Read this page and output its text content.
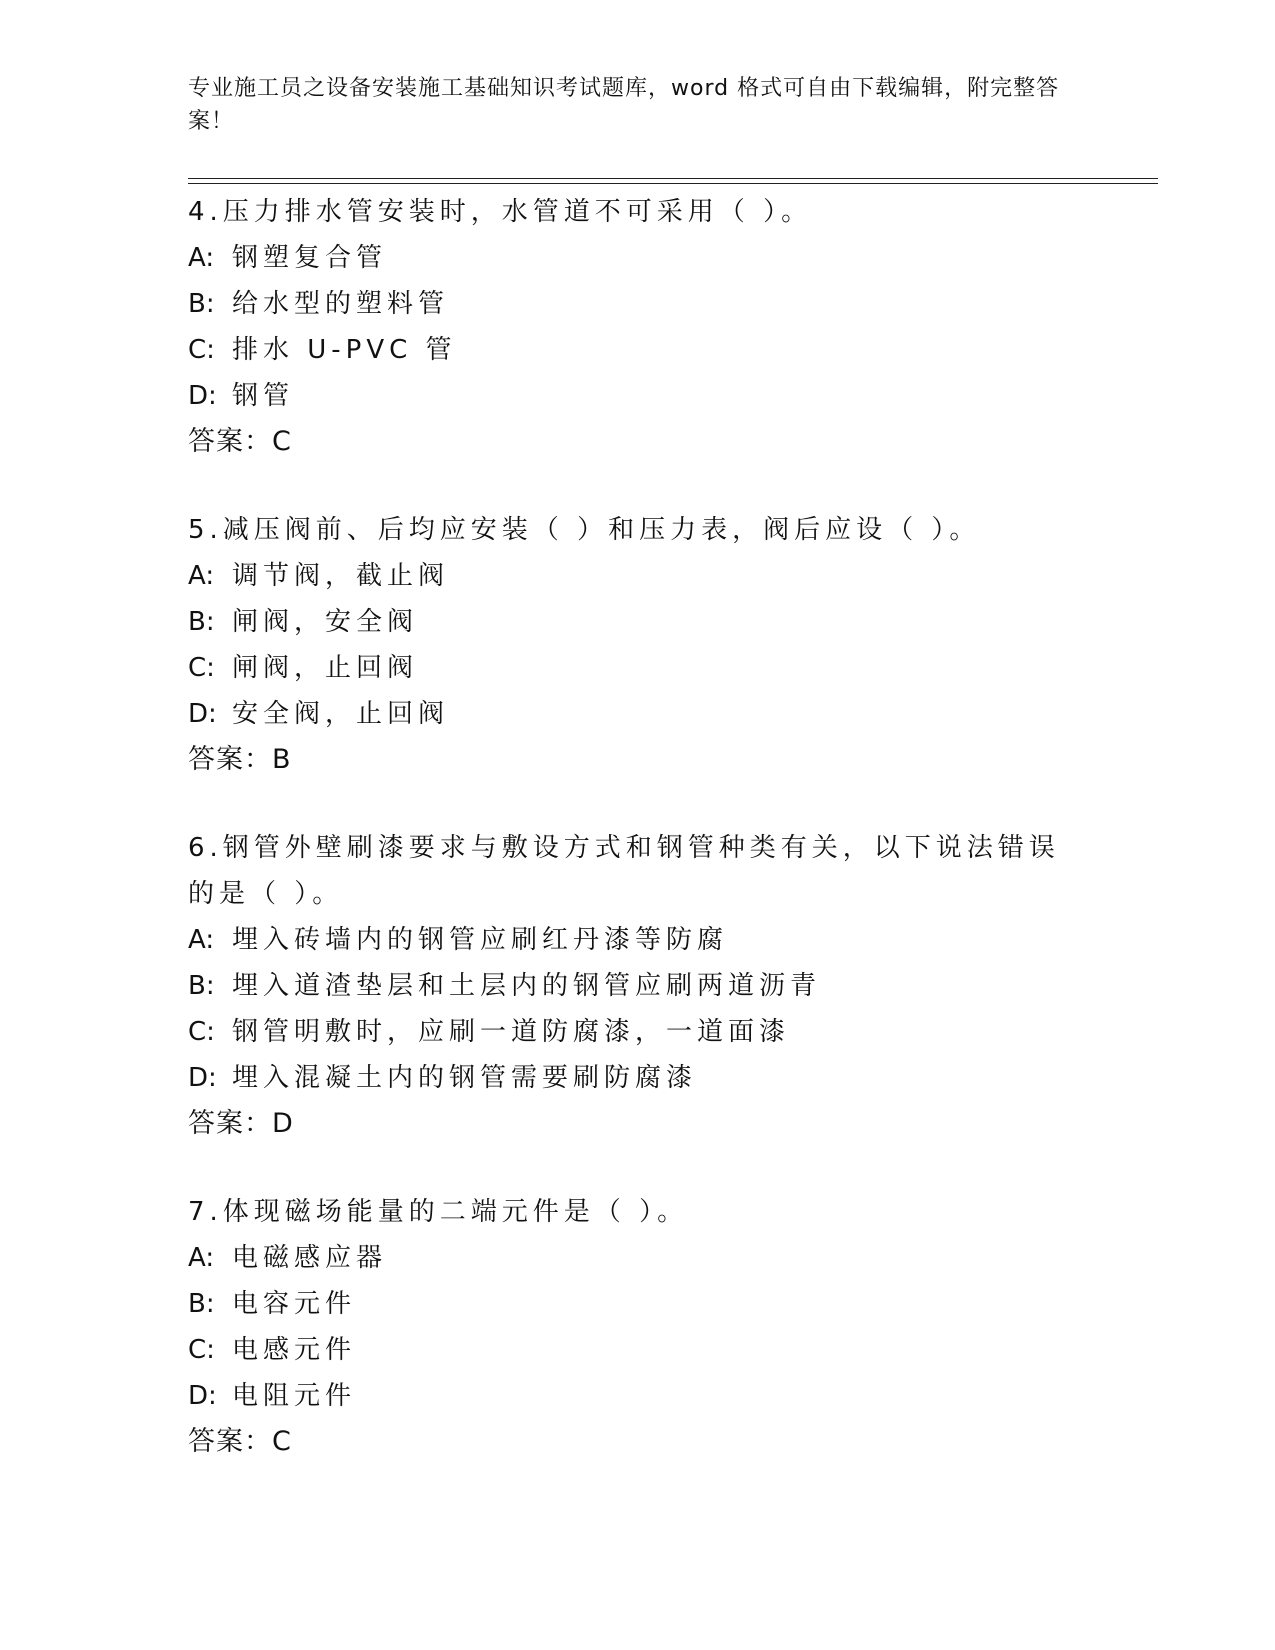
专业施工员之设备安装施工基础知识考试题库，word 格式可自由下载编辑，附完整答案！
4.压力排水管安装时，水管道不可采用（ ）。
A: 钢塑复合管
B: 给水型的塑料管
C: 排水 U-PVC 管
D: 钢管
答案：C
5.减压阀前、后均应安装（ ）和压力表，阀后应设（ ）。
A: 调节阀，截止阀
B: 闸阀，安全阀
C: 闸阀，止回阀
D: 安全阀，止回阀
答案：B
6.钢管外壁刷漆要求与敷设方式和钢管种类有关，以下说法错误的是（ ）。
A: 埋入砖墙内的钢管应刷红丹漆等防腐
B: 埋入道渣垫层和土层内的钢管应刷两道沥青
C: 钢管明敷时，应刷一道防腐漆，一道面漆
D: 埋入混凝土内的钢管需要刷防腐漆
答案：D
7.体现磁场能量的二端元件是（ ）。
A: 电磁感应器
B: 电容元件
C: 电感元件
D: 电阻元件
答案：C
